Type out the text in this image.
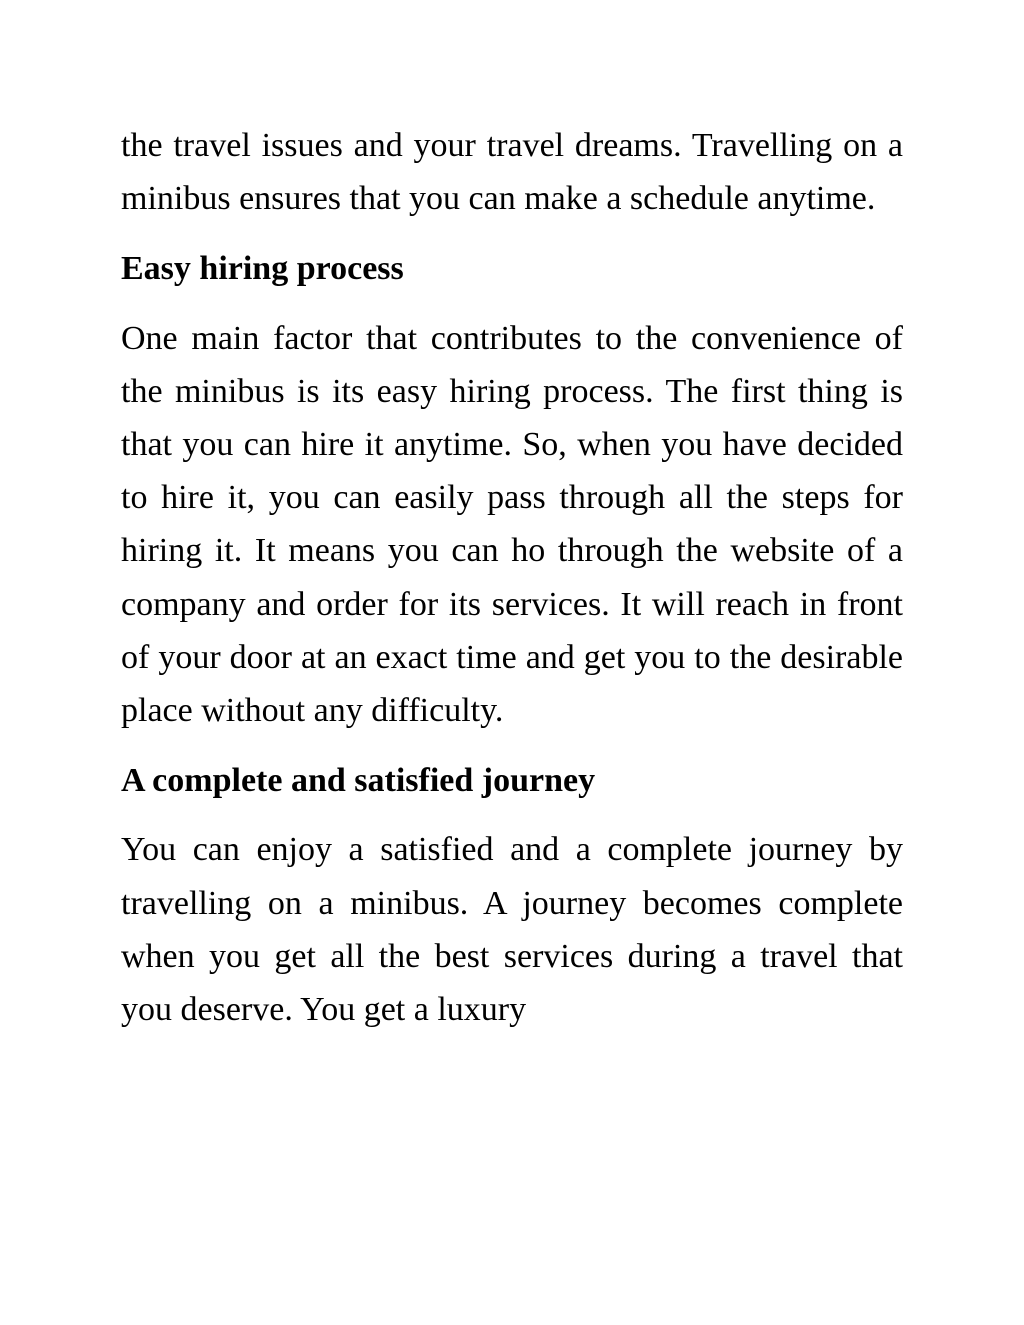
the travel issues and your travel dreams. Travelling on a minibus ensures that you can make a schedule anytime.

Easy hiring process

One main factor that contributes to the convenience of the minibus is its easy hiring process. The first thing is that you can hire it anytime. So, when you have decided to hire it, you can easily pass through all the steps for hiring it. It means you can ho through the website of a company and order for its services. It will reach in front of your door at an exact time and get you to the desirable place without any difficulty.

A complete and satisfied journey

You can enjoy a satisfied and a complete journey by travelling on a minibus. A journey becomes complete when you get all the best services during a travel that you deserve. You get a luxury
